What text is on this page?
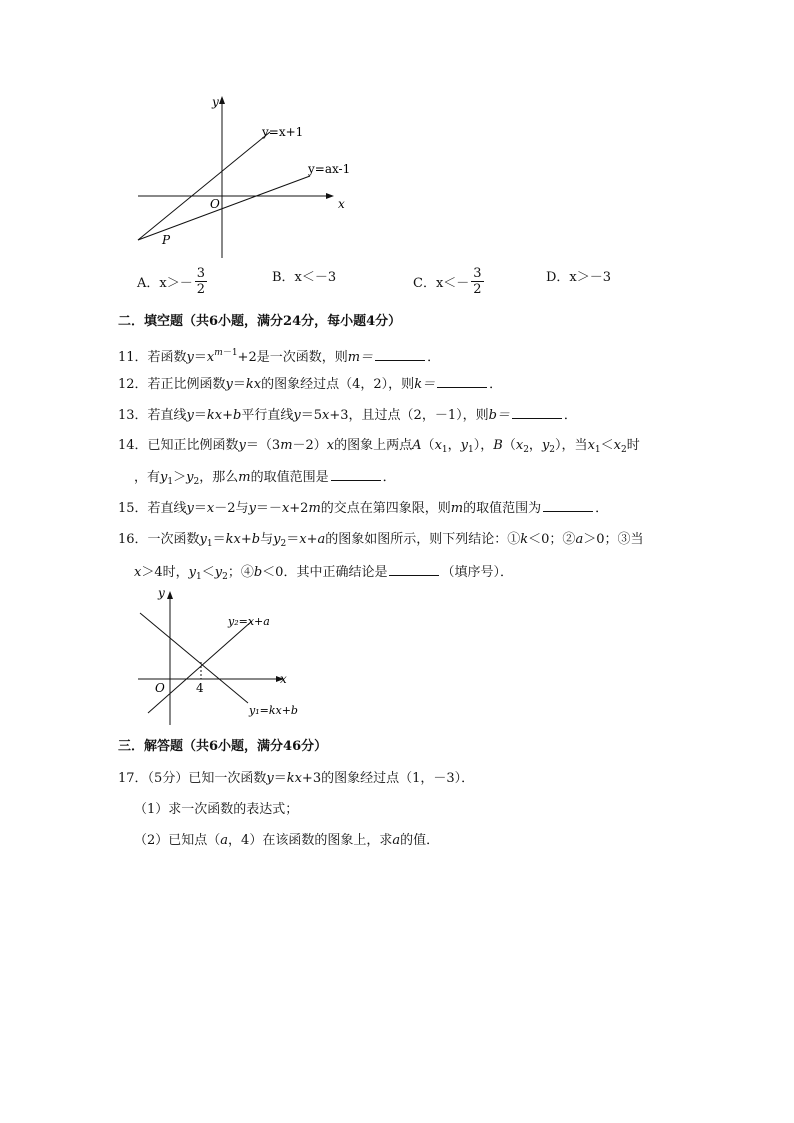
y
x
O
y=x+1
y=ax-1
P
A． $x>- \frac{3}{2}$	B．x＜－3	C． $x<- \frac{3}{2}$	D．x＞－3
二．填空题（共6小题，满分24分，每小题4分）
11．若函数$y=x^{m-1}+2$是一次函数，则m＝	．
12．若正比例函数y＝kx的图象经过点（4，2），则k＝	．
13．若直线y＝kx+b平行直线y＝5x+3，且过点（2，－1），则b＝	．
14．已知正比例函数y＝（3m－2）x的图象上两点$A(x_1$，$y_1$），$B(x_2$，$y_2$），当$x_1<x_2$时
，有$y_1>y_2$，那么m的取值范围是	．
15．若直线y＝x－2与y＝－x+2m的交点在第四象限，则m的取值范围为	．
16．一次函数$y_1=kx+b$与$y_2=x+a$的图象如图所示，则下列结论：①k＜0；②a＞0；③当
x＞4时，$y_1<y_2$；④b＜0．其中正确结论是	（填序号）．
y
x
O	4
y₂=x+a
y₁=kx+b
三．解答题（共6小题，满分46分）
17．（5分）已知一次函数y＝kx+3的图象经过点（1，－3）．
（1）求一次函数的表达式；
（2）已知点（a，4）在该函数的图象上，求a的值．
